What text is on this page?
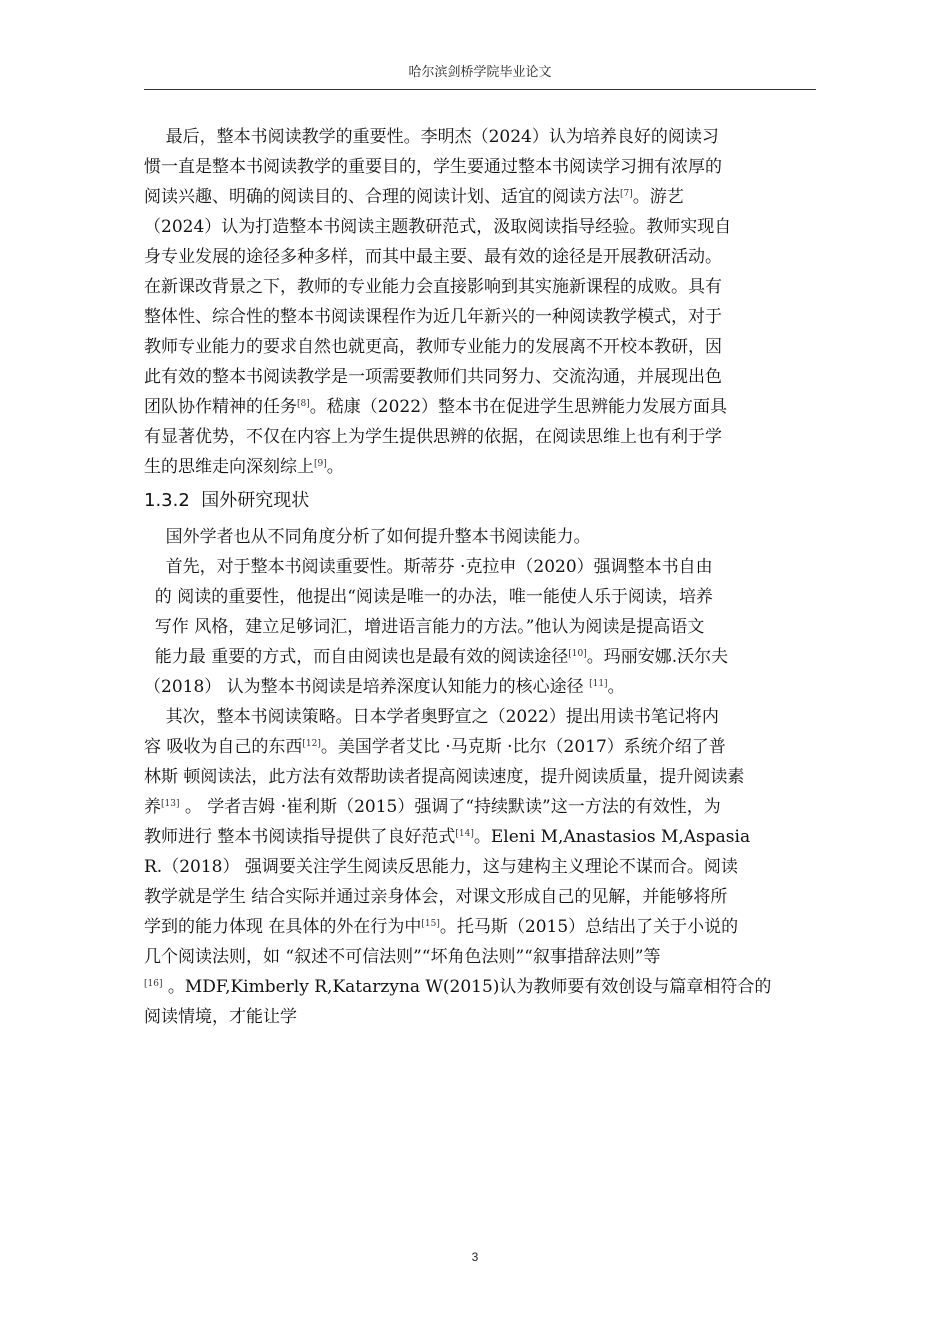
哈尔滨剑桥学院毕业论文
最后，整本书阅读教学的重要性。李明杰（2024）认为培养良好的阅读习
惯一直是整本书阅读教学的重要目的，学生要通过整本书阅读学习拥有浓厚的
阅读兴趣、明确的阅读目的、合理的阅读计划、适宜的阅读方法[7]。游艺
（2024）认为打造整本书阅读主题教研范式，汲取阅读指导经验。教师实现自
身专业发展的途径多种多样，而其中最主要、最有效的途径是开展教研活动。
在新课改背景之下，教师的专业能力会直接影响到其实施新课程的成败。具有
整体性、综合性的整本书阅读课程作为近几年新兴的一种阅读教学模式，对于
教师专业能力的要求自然也就更高，教师专业能力的发展离不开校本教研，因
此有效的整本书阅读教学是一项需要教师们共同努力、交流沟通，并展现出色
团队协作精神的任务[8]。嵇康（2022）整本书在促进学生思辨能力发展方面具
有显著优势，不仅在内容上为学生提供思辨的依据，在阅读思维上也有利于学
生的思维走向深刻综上[9]。
1.3.2  国外研究现状
国外学者也从不同角度分析了如何提升整本书阅读能力。
首先，对于整本书阅读重要性。斯蒂芬 ·克拉申（2020）强调整本书自由
的 阅读的重要性，他提出“阅读是唯一的办法，唯一能使人乐于阅读，培养
写作 风格，建立足够词汇，增进语言能力的方法。”他认为阅读是提高语文
能力最 重要的方式，而自由阅读也是最有效的阅读途径[10]。玛丽安娜.沃尔夫
（2018） 认为整本书阅读是培养深度认知能力的核心途径 [11]。
其次，整本书阅读策略。日本学者奥野宣之（2022）提出用读书笔记将内
容 吸收为自己的东西[12]。美国学者艾比 ·马克斯 ·比尔（2017）系统介绍了普
林斯 顿阅读法，此方法有效帮助读者提高阅读速度，提升阅读质量，提升阅读素
养[13] 。 学者吉姆 ·崔利斯（2015）强调了“持续默读”这一方法的有效性，为
教师进行 整本书阅读指导提供了良好范式[14]。Eleni M,Anastasios M,Aspasia
R.（2018） 强调要关注学生阅读反思能力，这与建构主义理论不谋而合。阅读
教学就是学生 结合实际并通过亲身体会，对课文形成自己的见解，并能够将所
学到的能力体现 在具体的外在行为中[15]。托马斯（2015）总结出了关于小说的
几个阅读法则，如 “叙述不可信法则”“坏角色法则”“叙事措辞法则”等
[16] 。MDF,Kimberly R,Katarzyna W(2015)认为教师要有效创设与篇章相符合的
阅读情境，才能让学
3
